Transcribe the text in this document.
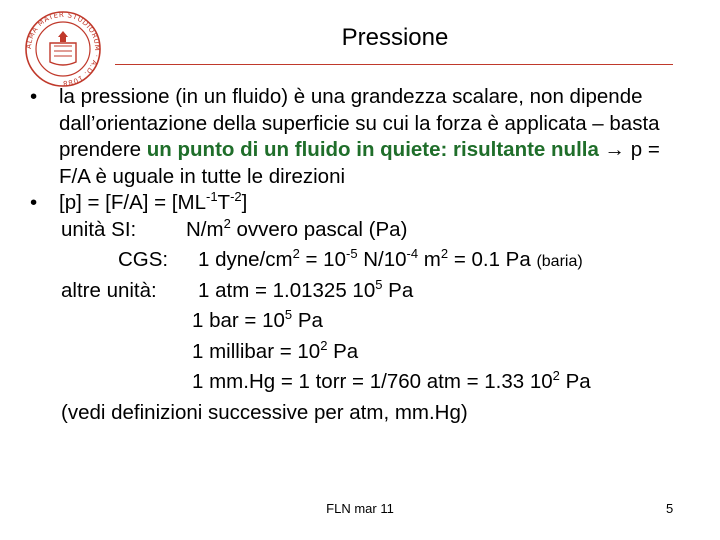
ALMA MATER STUDIORUM · A.D. 1088
Pressione
• la pressione (in un fluido) è una grandezza scalare, non dipende dall’orientazione della superficie su cui la forza è applicata – basta prendere un punto di un fluido in quiete: risultante nulla → p = F/A è uguale in tutte le direzioni
• $[p] = [F/A] = [ML^{-1}T^{-2}]$
unità SI: $N/m^2$ ovvero pascal (Pa)
CGS: 1 dyne/$cm^2 = 10^{-5}$ $N/10^{-4}$ $m^2 = 0.1$ Pa (baria)
altre unità: 1 atm = 1.01325 $10^5$ Pa
1 bar = $10^5$ Pa
1 millibar = $10^2$ Pa
1 mm.Hg = 1 torr = 1/760 atm = 1.33 $10^2$ Pa
(vedi definizioni successive per atm, mm.Hg)
FLN mar 11	5
